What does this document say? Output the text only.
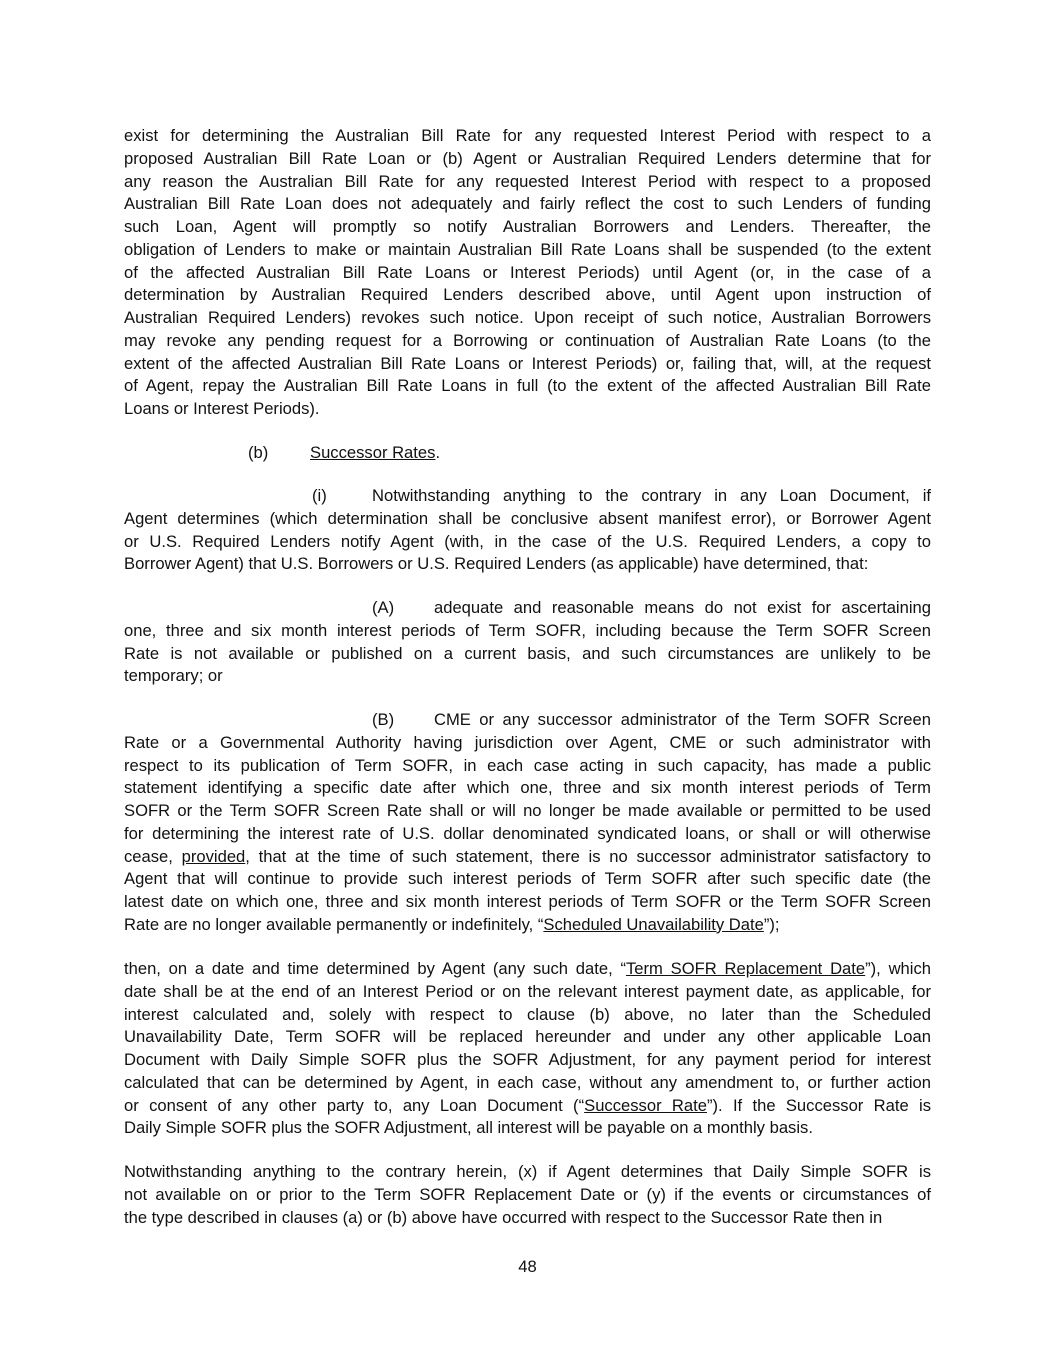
exist for determining the Australian Bill Rate for any requested Interest Period with respect to a
proposed Australian Bill Rate Loan or (b) Agent or Australian Required Lenders determine that for
any reason the Australian Bill Rate for any requested Interest Period with respect to a proposed
Australian Bill Rate Loan does not adequately and fairly reflect the cost to such Lenders of funding
such Loan, Agent will promptly so notify Australian Borrowers and Lenders. Thereafter, the
obligation of Lenders to make or maintain Australian Bill Rate Loans shall be suspended (to the extent
of the affected Australian Bill Rate Loans or Interest Periods) until Agent (or, in the case of a
determination by Australian Required Lenders described above, until Agent upon instruction of
Australian Required Lenders) revokes such notice. Upon receipt of such notice, Australian Borrowers
may revoke any pending request for a Borrowing or continuation of Australian Rate Loans (to the
extent of the affected Australian Bill Rate Loans or Interest Periods) or, failing that, will, at the request
of Agent, repay the Australian Bill Rate Loans in full (to the extent of the affected Australian Bill Rate
Loans or Interest Periods).
(b)	Successor Rates.
(i)	Notwithstanding anything to the contrary in any Loan Document, if
Agent determines (which determination shall be conclusive absent manifest error), or Borrower Agent
or U.S. Required Lenders notify Agent (with, in the case of the U.S. Required Lenders, a copy to
Borrower Agent) that U.S. Borrowers or U.S. Required Lenders (as applicable) have determined, that:
(A) adequate and reasonable means do not exist for ascertaining
one, three and six month interest periods of Term SOFR, including because the Term SOFR Screen
Rate is not available or published on a current basis, and such circumstances are unlikely to be
temporary; or
(B) CME or any successor administrator of the Term SOFR Screen
Rate or a Governmental Authority having jurisdiction over Agent, CME or such administrator with
respect to its publication of Term SOFR, in each case acting in such capacity, has made a public
statement identifying a specific date after which one, three and six month interest periods of Term
SOFR or the Term SOFR Screen Rate shall or will no longer be made available or permitted to be used
for determining the interest rate of U.S. dollar denominated syndicated loans, or shall or will otherwise
cease, provided, that at the time of such statement, there is no successor administrator satisfactory to
Agent that will continue to provide such interest periods of Term SOFR after such specific date (the
latest date on which one, three and six month interest periods of Term SOFR or the Term SOFR Screen
Rate are no longer available permanently or indefinitely, “Scheduled Unavailability Date”);
then, on a date and time determined by Agent (any such date, “Term SOFR Replacement Date”), which
date shall be at the end of an Interest Period or on the relevant interest payment date, as applicable, for
interest calculated and, solely with respect to clause (b) above, no later than the Scheduled
Unavailability Date, Term SOFR will be replaced hereunder and under any other applicable Loan
Document with Daily Simple SOFR plus the SOFR Adjustment, for any payment period for interest
calculated that can be determined by Agent, in each case, without any amendment to, or further action
or consent of any other party to, any Loan Document (“Successor Rate”). If the Successor Rate is
Daily Simple SOFR plus the SOFR Adjustment, all interest will be payable on a monthly basis.
Notwithstanding anything to the contrary herein, (x) if Agent determines that Daily Simple SOFR is
not available on or prior to the Term SOFR Replacement Date or (y) if the events or circumstances of
the type described in clauses (a) or (b) above have occurred with respect to the Successor Rate then in
48
